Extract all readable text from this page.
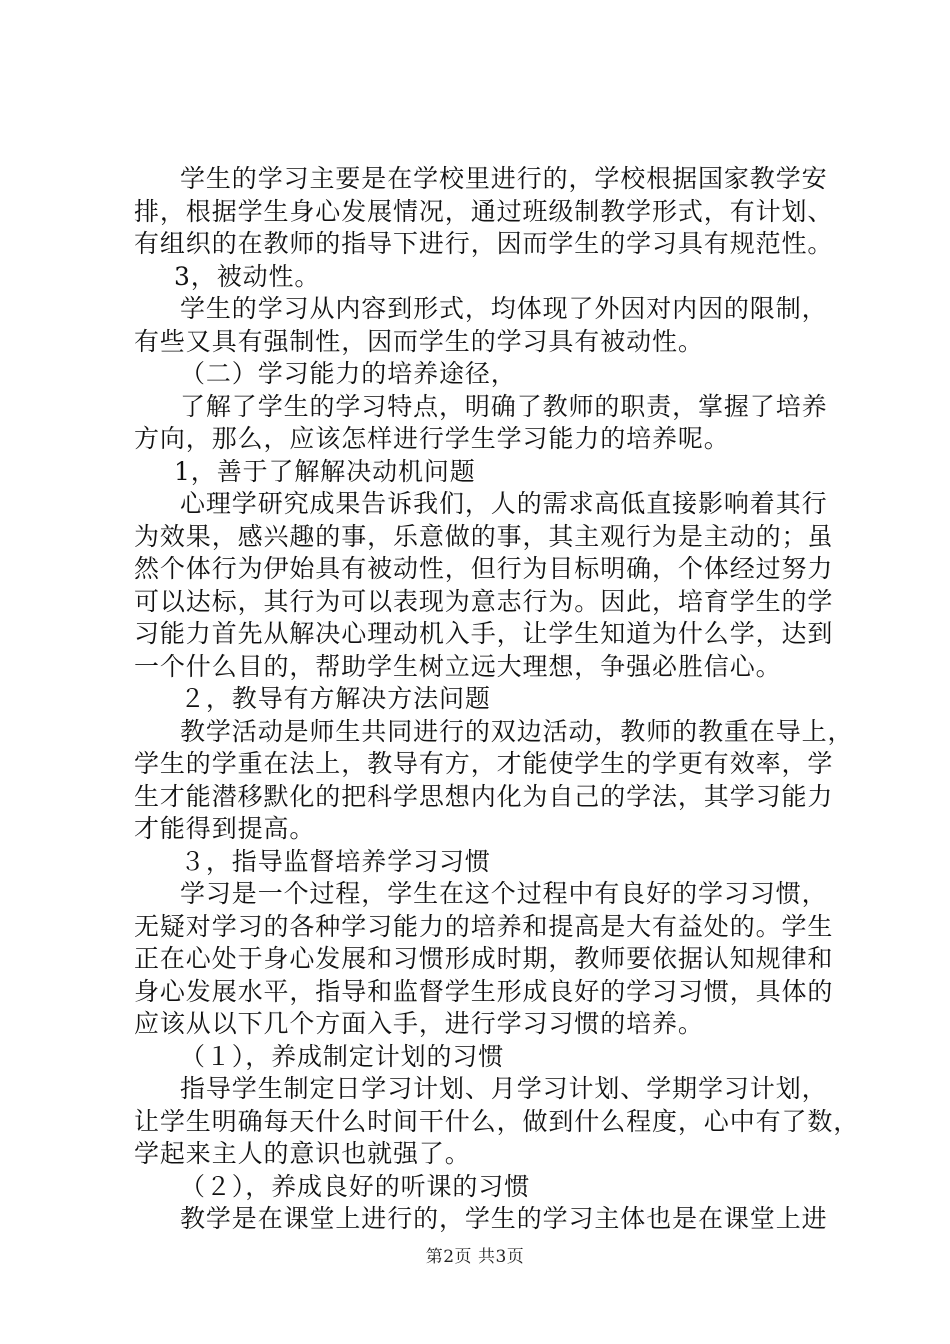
学生的学习主要是在学校里进行的，学校根据国家教学安
排，根据学生身心发展情况，通过班级制教学形式，有计划、
有组织的在教师的指导下进行，因而学生的学习具有规范性。
3，被动性。
学生的学习从内容到形式，均体现了外因对内因的限制，
有些又具有强制性，因而学生的学习具有被动性。
（二）学习能力的培养途径，
了解了学生的学习特点，明确了教师的职责，掌握了培养
方向，那么，应该怎样进行学生学习能力的培养呢。
1，善于了解解决动机问题
心理学研究成果告诉我们，人的需求高低直接影响着其行
为效果，感兴趣的事，乐意做的事，其主观行为是主动的；虽
然个体行为伊始具有被动性，但行为目标明确，个体经过努力
可以达标，其行为可以表现为意志行为。因此，培育学生的学
习能力首先从解决心理动机入手，让学生知道为什么学，达到
一个什么目的，帮助学生树立远大理想，争强必胜信心。
２，教导有方解决方法问题
教学活动是师生共同进行的双边活动，教师的教重在导上，
学生的学重在法上，教导有方，才能使学生的学更有效率，学
生才能潜移默化的把科学思想内化为自己的学法，其学习能力
才能得到提高。
３，指导监督培养学习习惯
学习是一个过程，学生在这个过程中有良好的学习习惯，
无疑对学习的各种学习能力的培养和提高是大有益处的。学生
正在心处于身心发展和习惯形成时期，教师要依据认知规律和
身心发展水平，指导和监督学生形成良好的学习习惯，具体的
应该从以下几个方面入手，进行学习习惯的培养。
（１），养成制定计划的习惯
指导学生制定日学习计划、月学习计划、学期学习计划，
让学生明确每天什么时间干什么，做到什么程度，心中有了数，
学起来主人的意识也就强了。
（２），养成良好的听课的习惯
教学是在课堂上进行的，学生的学习主体也是在课堂上进
第2页 共3页
